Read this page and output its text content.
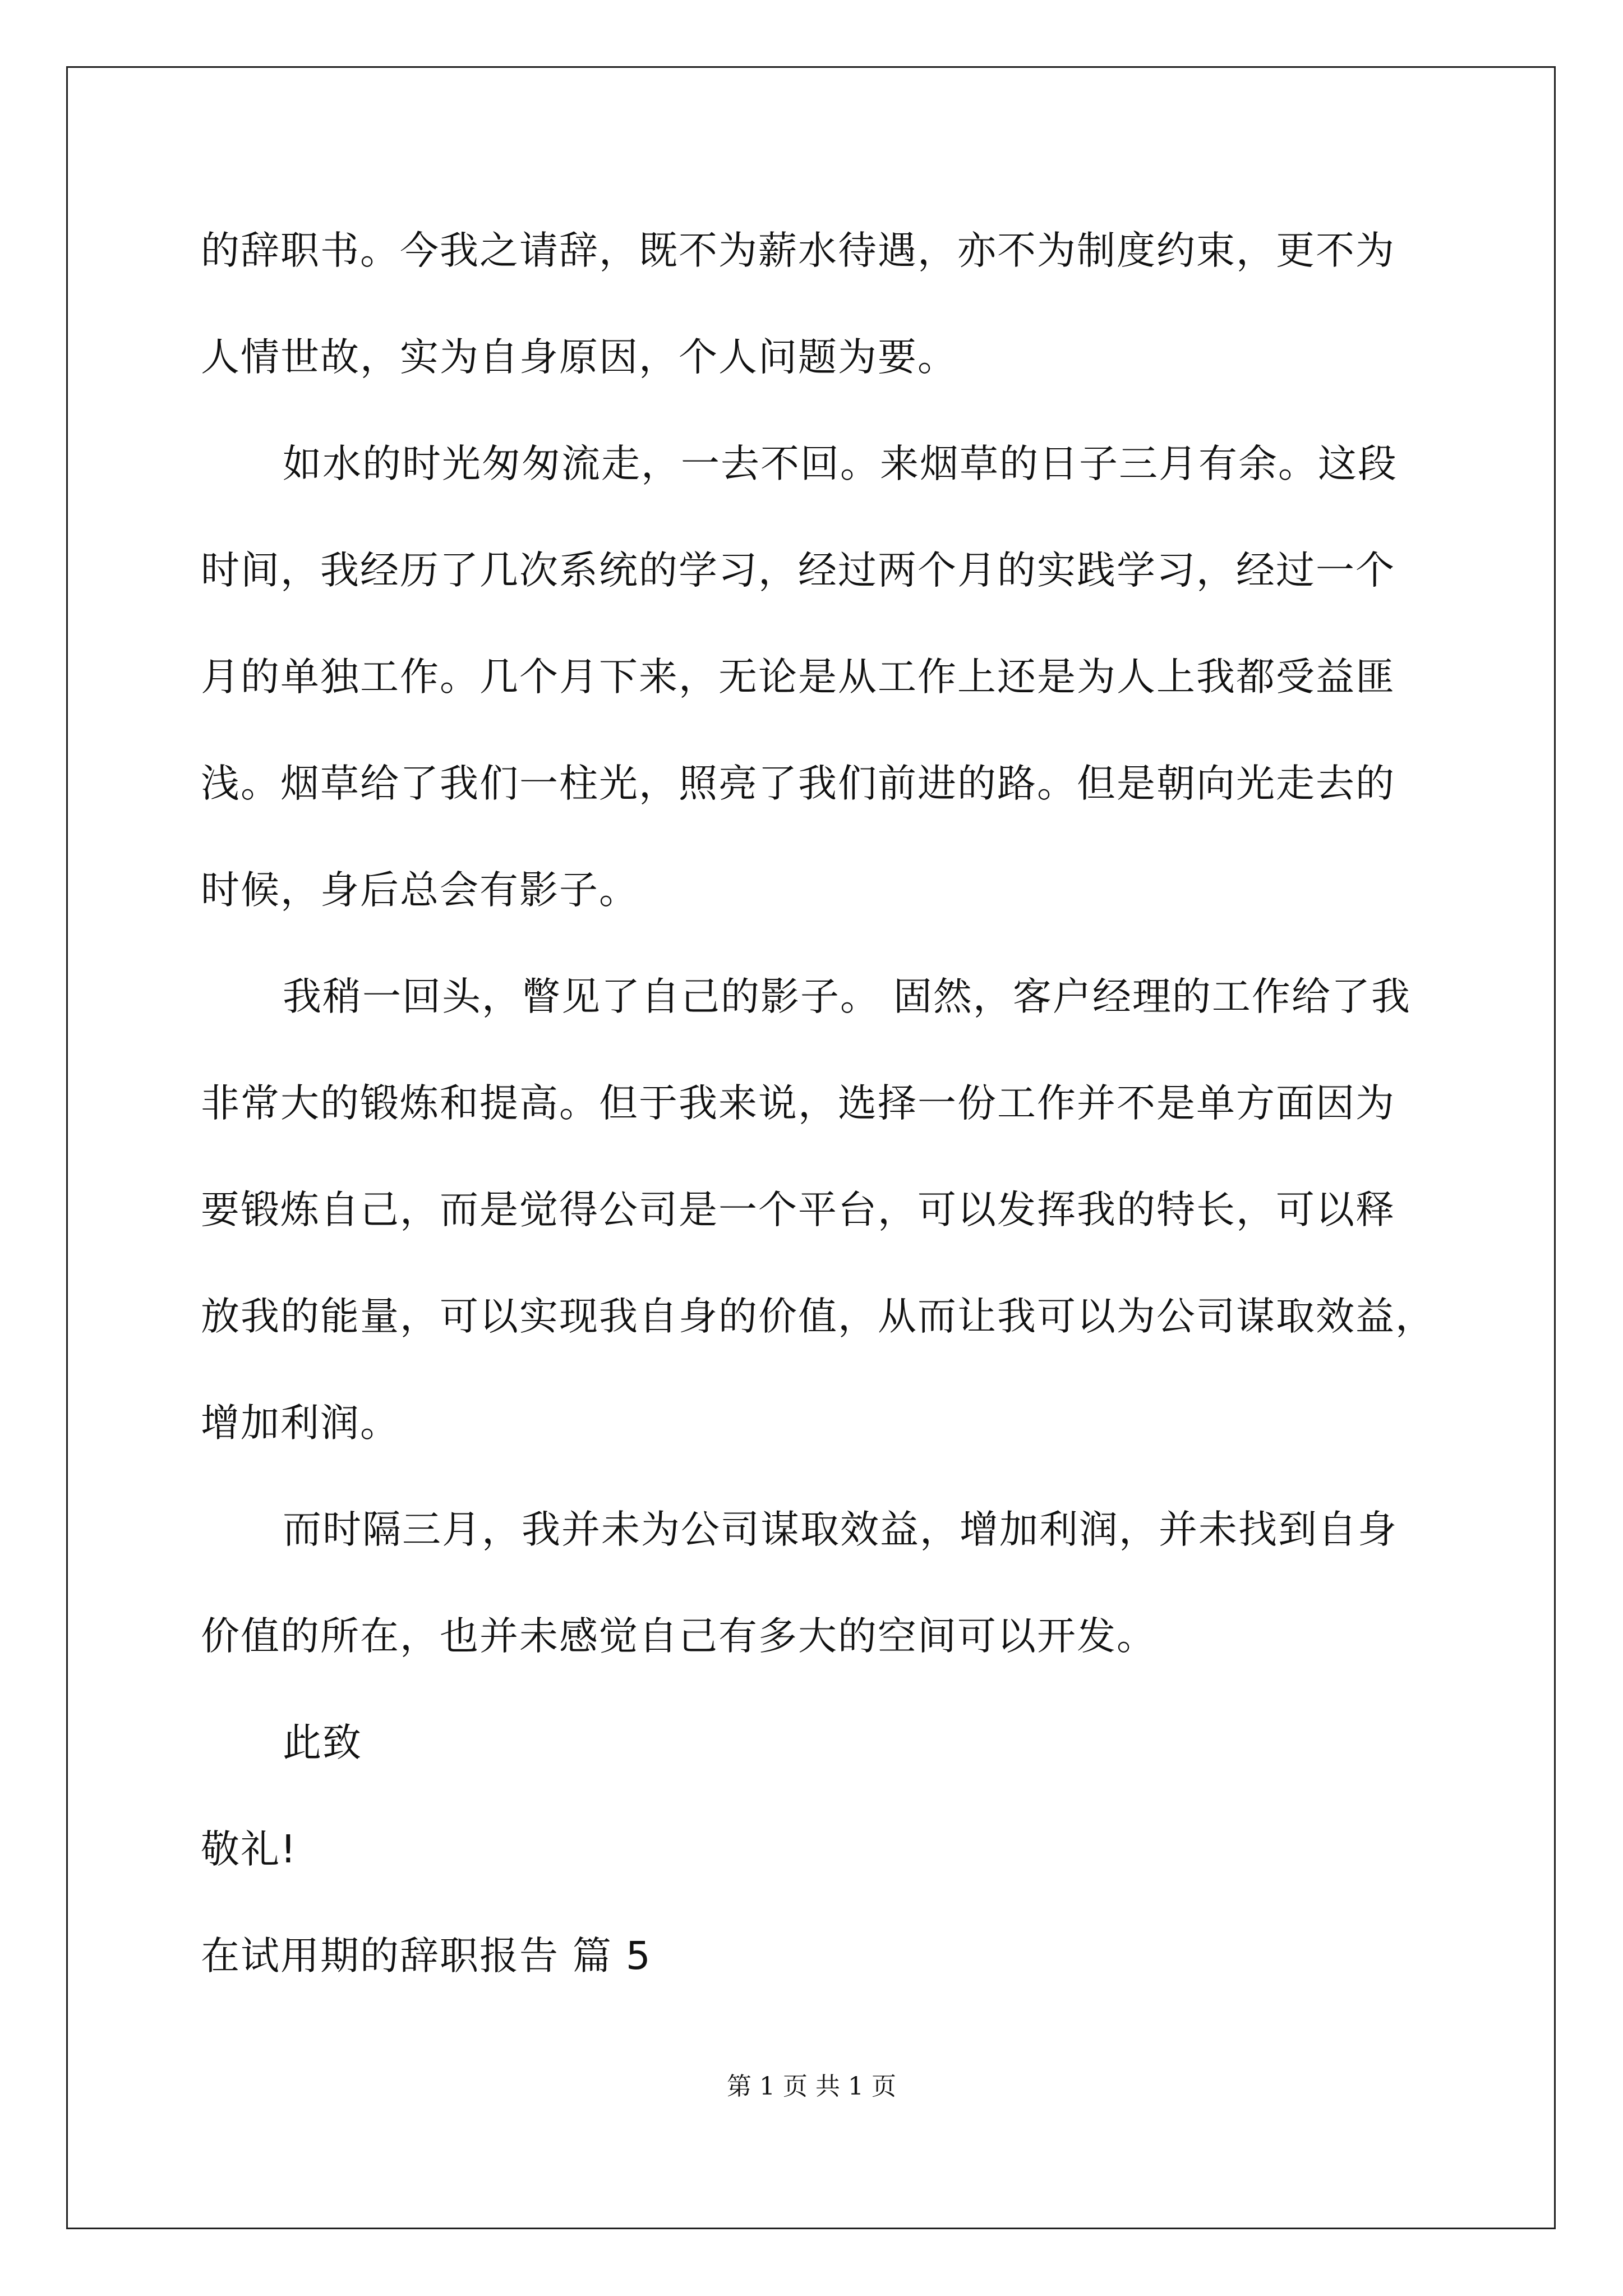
的辞职书。今我之请辞，既不为薪水待遇，亦不为制度约束，更不为
人情世故，实为自身原因，个人问题为要。
如水的时光匆匆流走，一去不回。来烟草的日子三月有余。这段
时间，我经历了几次系统的学习，经过两个月的实践学习，经过一个
月的单独工作。几个月下来，无论是从工作上还是为人上我都受益匪
浅。烟草给了我们一柱光，照亮了我们前进的路。但是朝向光走去的
时候，身后总会有影子。
我稍一回头，瞥见了自己的影子。 固然，客户经理的工作给了我
非常大的锻炼和提高。但于我来说，选择一份工作并不是单方面因为
要锻炼自己，而是觉得公司是一个平台，可以发挥我的特长，可以释
放我的能量，可以实现我自身的价值，从而让我可以为公司谋取效益，
增加利润。
而时隔三月，我并未为公司谋取效益，增加利润，并未找到自身
价值的所在，也并未感觉自己有多大的空间可以开发。
此致
敬礼!
在试用期的辞职报告 篇 5
第 1 页 共 1 页
